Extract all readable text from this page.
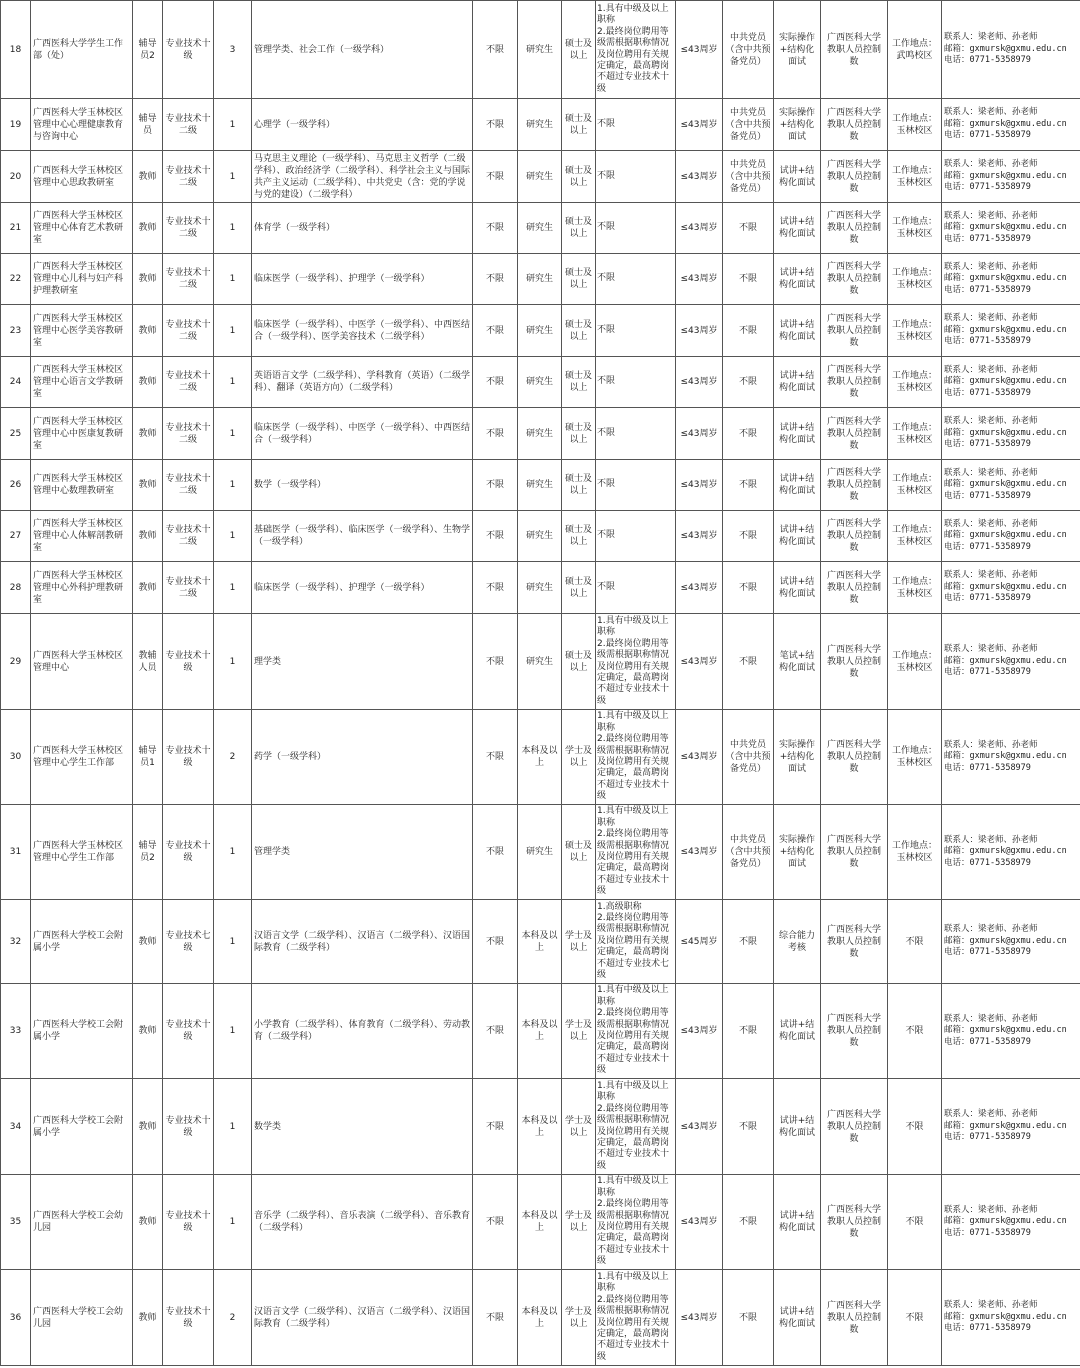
18	广西医科大学学生工作部（处）	辅导员2	专业技术十级	3	管理学类、社会工作（一级学科）	不限	研究生	硕士及以上	1.具有中级及以上职称
2.最终岗位聘用等级需根据职称情况及岗位聘用有关规定确定，最高聘岗不超过专业技术十级	≤43周岁	中共党员（含中共预备党员）	实际操作+结构化面试	广西医科大学教职人员控制数	工作地点：武鸣校区	联系人：梁老师、孙老师
邮箱：gxmursk@gxmu.edu.cn
电话：0771-5358979

19	广西医科大学玉林校区管理中心心理健康教育与咨询中心	辅导员	专业技术十二级	1	心理学（一级学科）	不限	研究生	硕士及以上	不限	≤43周岁	中共党员（含中共预备党员）	实际操作+结构化面试	广西医科大学教职人员控制数	工作地点：玉林校区	联系人：梁老师、孙老师
邮箱：gxmursk@gxmu.edu.cn
电话：0771-5358979

20	广西医科大学玉林校区管理中心思政教研室	教师	专业技术十二级	1	马克思主义理论（一级学科）、马克思主义哲学（二级学科）、政治经济学（二级学科）、科学社会主义与国际共产主义运动（二级学科）、中共党史（含：党的学说与党的建设）（二级学科）	不限	研究生	硕士及以上	不限	≤43周岁	中共党员（含中共预备党员）	试讲+结构化面试	广西医科大学教职人员控制数	工作地点：玉林校区	联系人：梁老师、孙老师
邮箱：gxmursk@gxmu.edu.cn
电话：0771-5358979

21	广西医科大学玉林校区管理中心体育艺术教研室	教师	专业技术十二级	1	体育学（一级学科）	不限	研究生	硕士及以上	不限	≤43周岁	不限	试讲+结构化面试	广西医科大学教职人员控制数	工作地点：玉林校区	联系人：梁老师、孙老师
邮箱：gxmursk@gxmu.edu.cn
电话：0771-5358979

22	广西医科大学玉林校区管理中心儿科与妇产科护理教研室	教师	专业技术十二级	1	临床医学（一级学科）、护理学（一级学科）	不限	研究生	硕士及以上	不限	≤43周岁	不限	试讲+结构化面试	广西医科大学教职人员控制数	工作地点：玉林校区	联系人：梁老师、孙老师
邮箱：gxmursk@gxmu.edu.cn
电话：0771-5358979

23	广西医科大学玉林校区管理中心医学美容教研室	教师	专业技术十二级	1	临床医学（一级学科）、中医学（一级学科）、中西医结合（一级学科）、医学美容技术（二级学科）	不限	研究生	硕士及以上	不限	≤43周岁	不限	试讲+结构化面试	广西医科大学教职人员控制数	工作地点：玉林校区	联系人：梁老师、孙老师
邮箱：gxmursk@gxmu.edu.cn
电话：0771-5358979

24	广西医科大学玉林校区管理中心语言文学教研室	教师	专业技术十二级	1	英语语言文学（二级学科）、学科教育（英语）（二级学科）、翻译（英语方向）（二级学科）	不限	研究生	硕士及以上	不限	≤43周岁	不限	试讲+结构化面试	广西医科大学教职人员控制数	工作地点：玉林校区	联系人：梁老师、孙老师
邮箱：gxmursk@gxmu.edu.cn
电话：0771-5358979

25	广西医科大学玉林校区管理中心中医康复教研室	教师	专业技术十二级	1	临床医学（一级学科）、中医学（一级学科）、中西医结合（一级学科）	不限	研究生	硕士及以上	不限	≤43周岁	不限	试讲+结构化面试	广西医科大学教职人员控制数	工作地点：玉林校区	联系人：梁老师、孙老师
邮箱：gxmursk@gxmu.edu.cn
电话：0771-5358979

26	广西医科大学玉林校区管理中心数理教研室	教师	专业技术十二级	1	数学（一级学科）	不限	研究生	硕士及以上	不限	≤43周岁	不限	试讲+结构化面试	广西医科大学教职人员控制数	工作地点：玉林校区	联系人：梁老师、孙老师
邮箱：gxmursk@gxmu.edu.cn
电话：0771-5358979

27	广西医科大学玉林校区管理中心人体解剖教研室	教师	专业技术十二级	1	基础医学（一级学科）、临床医学（一级学科）、生物学（一级学科）	不限	研究生	硕士及以上	不限	≤43周岁	不限	试讲+结构化面试	广西医科大学教职人员控制数	工作地点：玉林校区	联系人：梁老师、孙老师
邮箱：gxmursk@gxmu.edu.cn
电话：0771-5358979

28	广西医科大学玉林校区管理中心外科护理教研室	教师	专业技术十二级	1	临床医学（一级学科）、护理学（一级学科）	不限	研究生	硕士及以上	不限	≤43周岁	不限	试讲+结构化面试	广西医科大学教职人员控制数	工作地点：玉林校区	联系人：梁老师、孙老师
邮箱：gxmursk@gxmu.edu.cn
电话：0771-5358979

29	广西医科大学玉林校区管理中心	教辅人员	专业技术十级	1	理学类	不限	研究生	硕士及以上	1.具有中级及以上职称
2.最终岗位聘用等级需根据职称情况及岗位聘用有关规定确定，最高聘岗不超过专业技术十级	≤43周岁	不限	笔试+结构化面试	广西医科大学教职人员控制数	工作地点：玉林校区	联系人：梁老师、孙老师
邮箱：gxmursk@gxmu.edu.cn
电话：0771-5358979

30	广西医科大学玉林校区管理中心学生工作部	辅导员1	专业技术十级	2	药学（一级学科）	不限	本科及以上	学士及以上	1.具有中级及以上职称
2.最终岗位聘用等级需根据职称情况及岗位聘用有关规定确定，最高聘岗不超过专业技术十级	≤43周岁	中共党员（含中共预备党员）	实际操作+结构化面试	广西医科大学教职人员控制数	工作地点：玉林校区	联系人：梁老师、孙老师
邮箱：gxmursk@gxmu.edu.cn
电话：0771-5358979

31	广西医科大学玉林校区管理中心学生工作部	辅导员2	专业技术十级	1	管理学类	不限	研究生	硕士及以上	1.具有中级及以上职称
2.最终岗位聘用等级需根据职称情况及岗位聘用有关规定确定，最高聘岗不超过专业技术十级	≤43周岁	中共党员（含中共预备党员）	实际操作+结构化面试	广西医科大学教职人员控制数	工作地点：玉林校区	联系人：梁老师、孙老师
邮箱：gxmursk@gxmu.edu.cn
电话：0771-5358979

32	广西医科大学校工会附属小学	教师	专业技术七级	1	汉语言文学（二级学科）、汉语言（二级学科）、汉语国际教育（二级学科）	不限	本科及以上	学士及以上	1.高级职称
2.最终岗位聘用等级需根据职称情况及岗位聘用有关规定确定，最高聘岗不超过专业技术七级	≤45周岁	不限	综合能力考核	广西医科大学教职人员控制数	不限	联系人：梁老师、孙老师
邮箱：gxmursk@gxmu.edu.cn
电话：0771-5358979

33	广西医科大学校工会附属小学	教师	专业技术十级	1	小学教育（二级学科）、体育教育（二级学科）、劳动教育（二级学科）	不限	本科及以上	学士及以上	1.具有中级及以上职称
2.最终岗位聘用等级需根据职称情况及岗位聘用有关规定确定，最高聘岗不超过专业技术十级	≤43周岁	不限	试讲+结构化面试	广西医科大学教职人员控制数	不限	联系人：梁老师、孙老师
邮箱：gxmursk@gxmu.edu.cn
电话：0771-5358979

34	广西医科大学校工会附属小学	教师	专业技术十级	1	数学类	不限	本科及以上	学士及以上	1.具有中级及以上职称
2.最终岗位聘用等级需根据职称情况及岗位聘用有关规定确定，最高聘岗不超过专业技术十级	≤43周岁	不限	试讲+结构化面试	广西医科大学教职人员控制数	不限	联系人：梁老师、孙老师
邮箱：gxmursk@gxmu.edu.cn
电话：0771-5358979

35	广西医科大学校工会幼儿园	教师	专业技术十级	1	音乐学（二级学科）、音乐表演（二级学科）、音乐教育（二级学科）	不限	本科及以上	学士及以上	1.具有中级及以上职称
2.最终岗位聘用等级需根据职称情况及岗位聘用有关规定确定，最高聘岗不超过专业技术十级	≤43周岁	不限	试讲+结构化面试	广西医科大学教职人员控制数	不限	联系人：梁老师、孙老师
邮箱：gxmursk@gxmu.edu.cn
电话：0771-5358979

36	广西医科大学校工会幼儿园	教师	专业技术十级	2	汉语言文学（二级学科）、汉语言（二级学科）、汉语国际教育（二级学科）	不限	本科及以上	学士及以上	1.具有中级及以上职称
2.最终岗位聘用等级需根据职称情况及岗位聘用有关规定确定，最高聘岗不超过专业技术十级	≤43周岁	不限	试讲+结构化面试	广西医科大学教职人员控制数	不限	联系人：梁老师、孙老师
邮箱：gxmursk@gxmu.edu.cn
电话：0771-5358979
